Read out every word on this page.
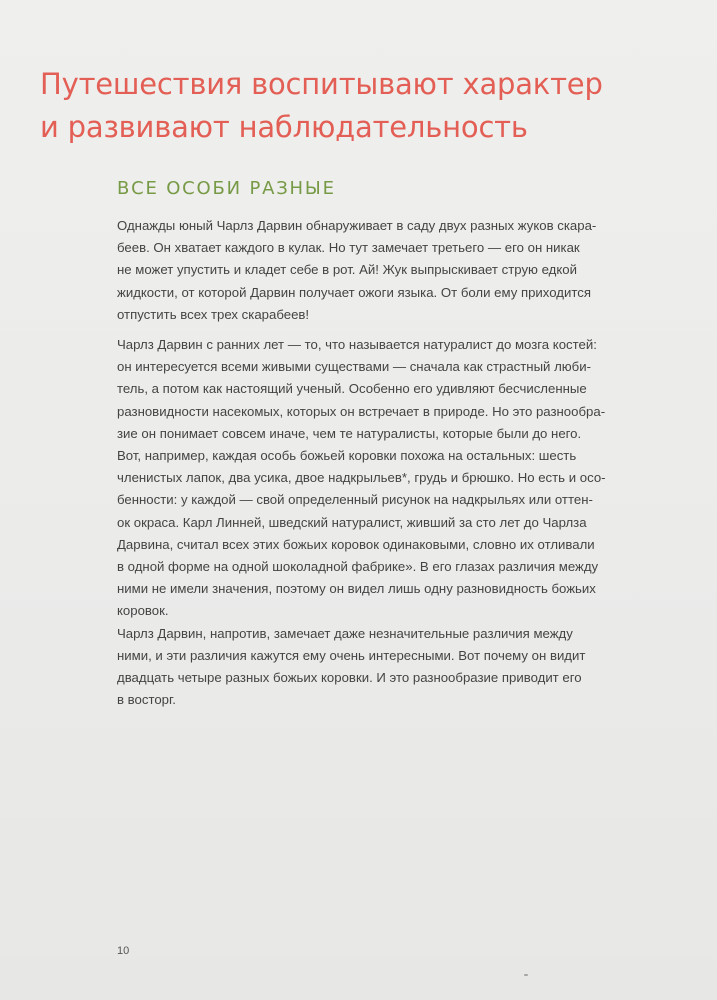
Путешествия воспитывают характер
и развивают наблюдательность
ВСЕ ОСОБИ РАЗНЫЕ
Однажды юный Чарлз Дарвин обнаруживает в саду двух разных жуков скара-
беев. Он хватает каждого в кулак. Но тут замечает третьего — его он никак
не может упустить и кладет себе в рот. Ай! Жук выпрыскивает струю едкой
жидкости, от которой Дарвин получает ожоги языка. От боли ему приходится
отпустить всех трех скарабеев!
Чарлз Дарвин с ранних лет — то, что называется натуралист до мозга костей:
он интересуется всеми живыми существами — сначала как страстный люби-
тель, а потом как настоящий ученый. Особенно его удивляют бесчисленные
разновидности насекомых, которых он встречает в природе. Но это разнообра-
зие он понимает совсем иначе, чем те натуралисты, которые были до него.
Вот, например, каждая особь божьей коровки похожа на остальных: шесть
членистых лапок, два усика, двое надкрыльев*, грудь и брюшко. Но есть и осо-
бенности: у каждой — свой определенный рисунок на надкрыльях или оттен-
ок окраса. Карл Линней, шведский натуралист, живший за сто лет до Чарлза
Дарвина, считал всех этих божьих коровок одинаковыми, словно их отливали
в одной форме на одной шоколадной фабрике». В его глазах различия между
ними не имели значения, поэтому он видел лишь одну разновидность божьих
коровок.
Чарлз Дарвин, напротив, замечает даже незначительные различия между
ними, и эти различия кажутся ему очень интересными. Вот почему он видит
двадцать четыре разных божьих коровки. И это разнообразие приводит его
в восторг.
10
